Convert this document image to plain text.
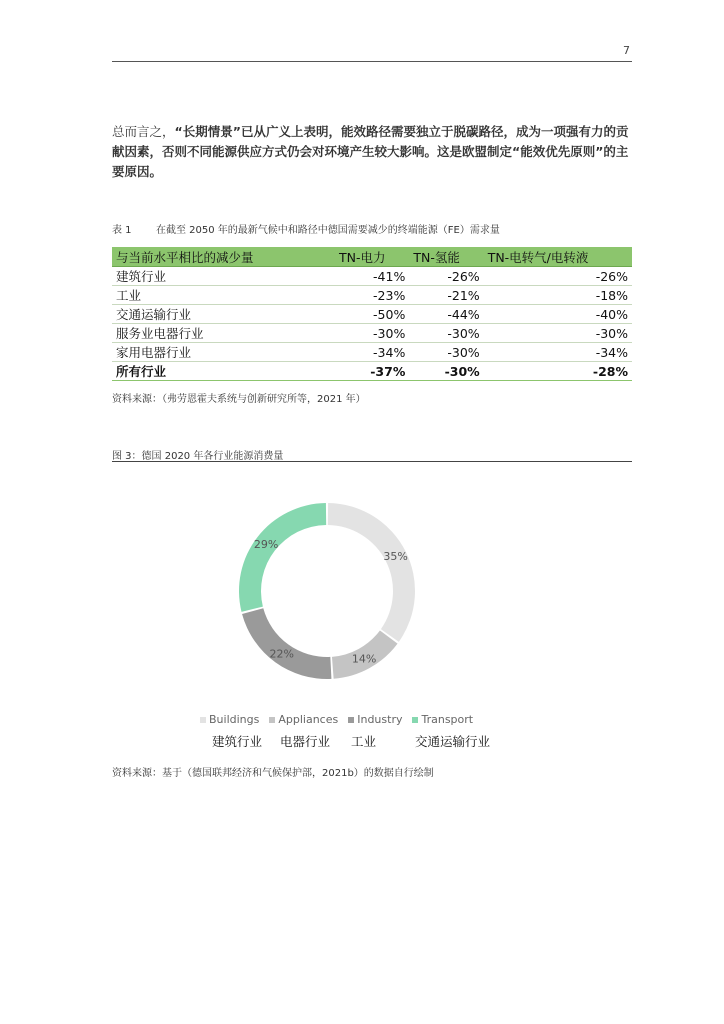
7

总而言之，“长期情景”已从广义上表明，能效路径需要独立于脱碳路径，成为一项强有力的贡献因素，否则不同能源供应方式仍会对环境产生较大影响。这是欧盟制定“能效优先原则”的主要原因。

表 1 在截至 2050 年的最新气候中和路径中德国需要减少的终端能源（FE）需求量
与当前水平相比的减少量	TN-电力	TN-氢能	TN-电转气/电转液
建筑行业	-41%	-26%	-26%
工业	-23%	-21%	-18%
交通运输行业	-50%	-44%	-40%
服务业电器行业	-30%	-30%	-30%
家用电器行业	-34%	-30%	-34%
所有行业	-37%	-30%	-28%
资料来源：（弗劳恩霍夫系统与创新研究所等，2021 年）
图 3：德国 2020 年各行业能源消费量
35%
14%
22%
29%
Buildings Appliances Industry Transport
建筑行业 电器行业 工业	交通运输行业
资料来源：基于（德国联邦经济和气候保护部，2021b）的数据自行绘制
